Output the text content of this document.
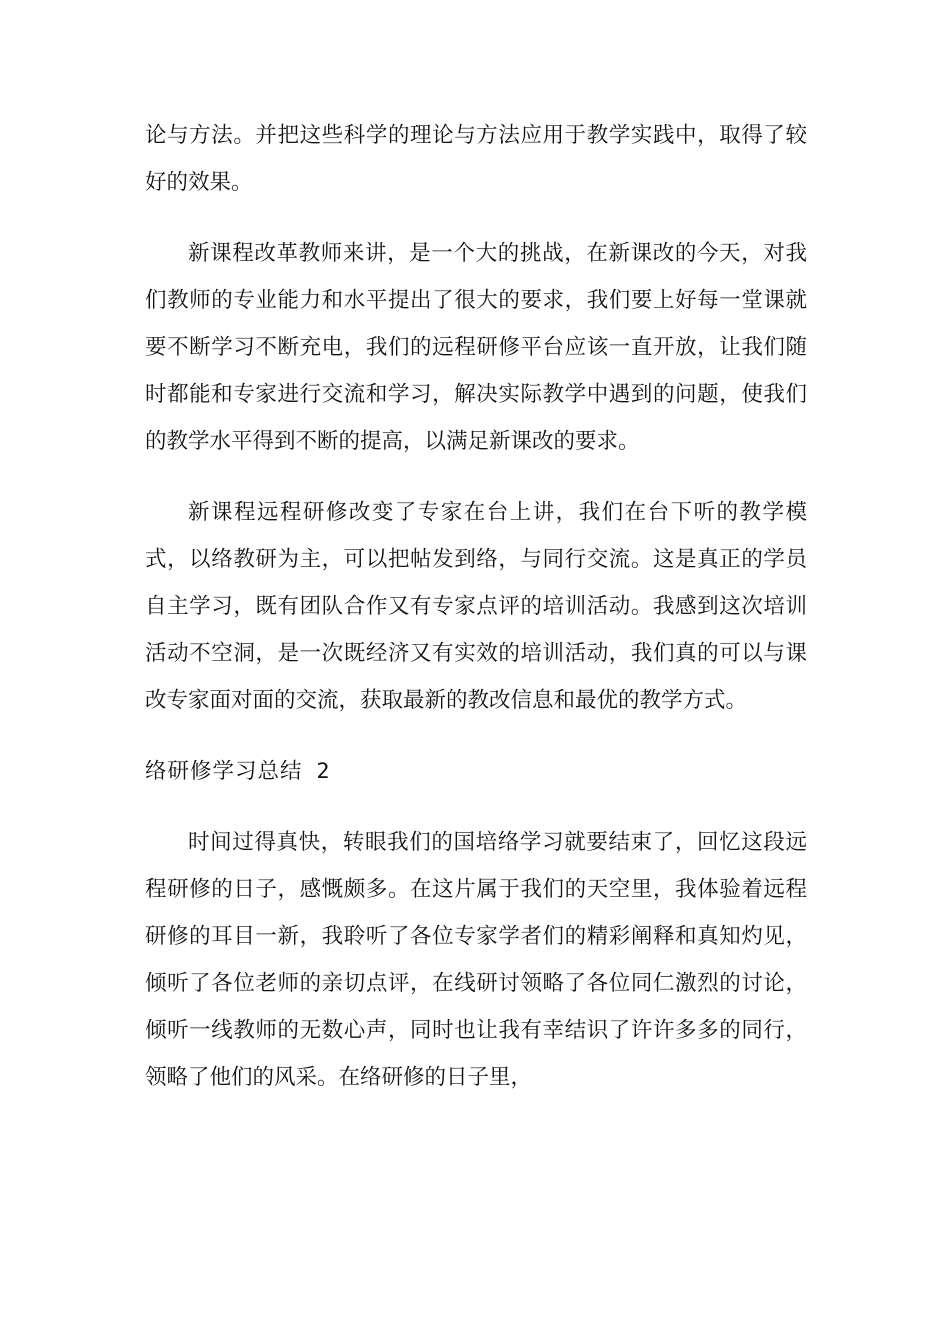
论与方法。并把这些科学的理论与方法应用于教学实践中，取得了较好的效果。

新课程改革教师来讲，是一个大的挑战，在新课改的今天，对我们教师的专业能力和水平提出了很大的要求，我们要上好每一堂课就要不断学习不断充电，我们的远程研修平台应该一直开放，让我们随时都能和专家进行交流和学习，解决实际教学中遇到的问题，使我们的教学水平得到不断的提高，以满足新课改的要求。

新课程远程研修改变了专家在台上讲，我们在台下听的教学模式，以络教研为主，可以把帖发到络，与同行交流。这是真正的学员自主学习，既有团队合作又有专家点评的培训活动。我感到这次培训活动不空洞，是一次既经济又有实效的培训活动，我们真的可以与课改专家面对面的交流，获取最新的教改信息和最优的教学方式。

络研修学习总结 2

时间过得真快，转眼我们的国培络学习就要结束了，回忆这段远程研修的日子，感慨颇多。在这片属于我们的天空里，我体验着远程研修的耳目一新，我聆听了各位专家学者们的精彩阐释和真知灼见，倾听了各位老师的亲切点评，在线研讨领略了各位同仁激烈的讨论，倾听一线教师的无数心声，同时也让我有幸结识了许许多多的同行，领略了他们的风采。在络研修的日子里，
